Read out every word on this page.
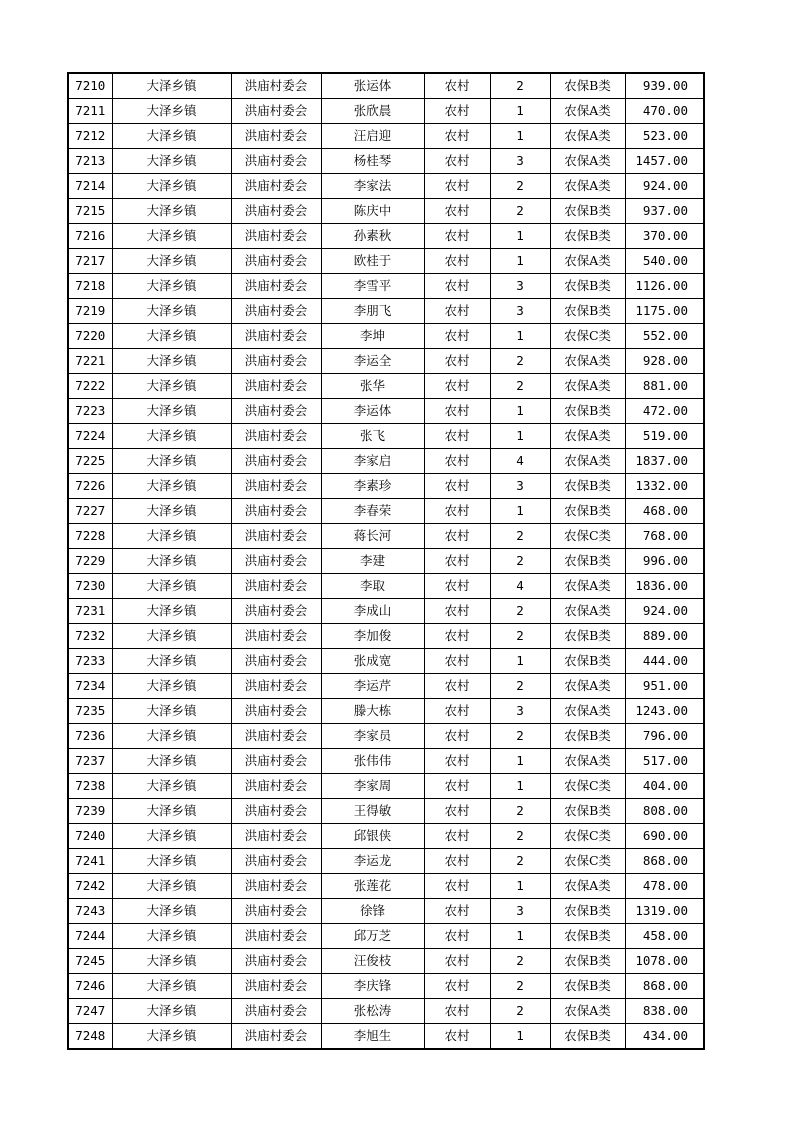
7210	大泽乡镇	洪庙村委会	张运体	农村	2	农保B类	939.00
7211	大泽乡镇	洪庙村委会	张欣晨	农村	1	农保A类	470.00
7212	大泽乡镇	洪庙村委会	汪启迎	农村	1	农保A类	523.00
7213	大泽乡镇	洪庙村委会	杨桂琴	农村	3	农保A类	1457.00
7214	大泽乡镇	洪庙村委会	李家法	农村	2	农保A类	924.00
7215	大泽乡镇	洪庙村委会	陈庆中	农村	2	农保B类	937.00
7216	大泽乡镇	洪庙村委会	孙素秋	农村	1	农保B类	370.00
7217	大泽乡镇	洪庙村委会	欧桂于	农村	1	农保A类	540.00
7218	大泽乡镇	洪庙村委会	李雪平	农村	3	农保B类	1126.00
7219	大泽乡镇	洪庙村委会	李朋飞	农村	3	农保B类	1175.00
7220	大泽乡镇	洪庙村委会	李坤	农村	1	农保C类	552.00
7221	大泽乡镇	洪庙村委会	李运全	农村	2	农保A类	928.00
7222	大泽乡镇	洪庙村委会	张华	农村	2	农保A类	881.00
7223	大泽乡镇	洪庙村委会	李运体	农村	1	农保B类	472.00
7224	大泽乡镇	洪庙村委会	张飞	农村	1	农保A类	519.00
7225	大泽乡镇	洪庙村委会	李家启	农村	4	农保A类	1837.00
7226	大泽乡镇	洪庙村委会	李素珍	农村	3	农保B类	1332.00
7227	大泽乡镇	洪庙村委会	李春荣	农村	1	农保B类	468.00
7228	大泽乡镇	洪庙村委会	蒋长河	农村	2	农保C类	768.00
7229	大泽乡镇	洪庙村委会	李建	农村	2	农保B类	996.00
7230	大泽乡镇	洪庙村委会	李取	农村	4	农保A类	1836.00
7231	大泽乡镇	洪庙村委会	李成山	农村	2	农保A类	924.00
7232	大泽乡镇	洪庙村委会	李加俊	农村	2	农保B类	889.00
7233	大泽乡镇	洪庙村委会	张成宽	农村	1	农保B类	444.00
7234	大泽乡镇	洪庙村委会	李运芹	农村	2	农保A类	951.00
7235	大泽乡镇	洪庙村委会	滕大栋	农村	3	农保A类	1243.00
7236	大泽乡镇	洪庙村委会	李家员	农村	2	农保B类	796.00
7237	大泽乡镇	洪庙村委会	张伟伟	农村	1	农保A类	517.00
7238	大泽乡镇	洪庙村委会	李家周	农村	1	农保C类	404.00
7239	大泽乡镇	洪庙村委会	王得敏	农村	2	农保B类	808.00
7240	大泽乡镇	洪庙村委会	邱银侠	农村	2	农保C类	690.00
7241	大泽乡镇	洪庙村委会	李运龙	农村	2	农保C类	868.00
7242	大泽乡镇	洪庙村委会	张莲花	农村	1	农保A类	478.00
7243	大泽乡镇	洪庙村委会	徐锋	农村	3	农保B类	1319.00
7244	大泽乡镇	洪庙村委会	邱万芝	农村	1	农保B类	458.00
7245	大泽乡镇	洪庙村委会	汪俊枝	农村	2	农保B类	1078.00
7246	大泽乡镇	洪庙村委会	李庆锋	农村	2	农保B类	868.00
7247	大泽乡镇	洪庙村委会	张松涛	农村	2	农保A类	838.00
7248	大泽乡镇	洪庙村委会	李旭生	农村	1	农保B类	434.00
